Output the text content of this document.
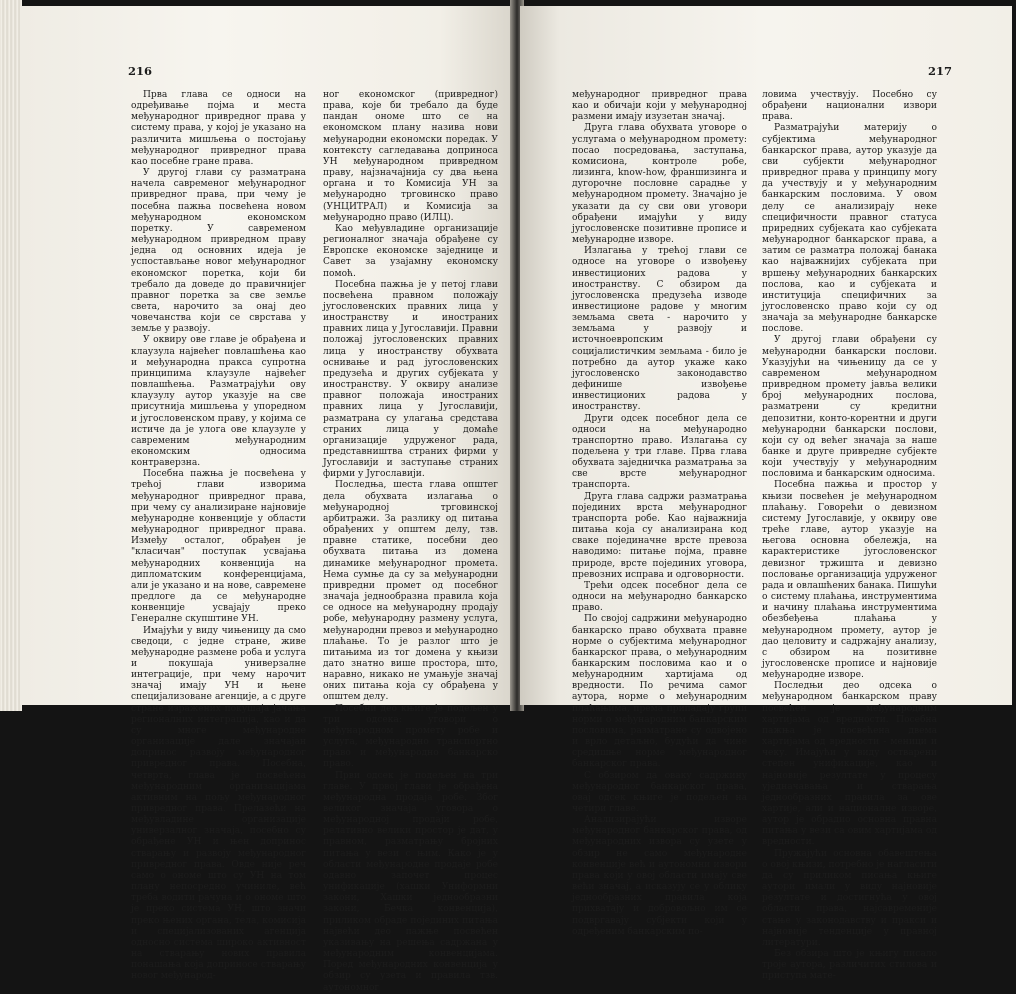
216

Прва глава се односи на одређивање појма и места међународног привредног права у систему права, у којој је указано на различита мишљења о постојању међународног привредног права као посебне гране права.

У другој глави су разматрана начела савременог међународног привредног права, при чему је посебна пажња посвећена новом међународном економском поретку. У савременом међународном привредном праву једна од основних идеја је успостављање новог међународног економског поретка, који би требало да доведе до правичнијег правног поретка за све земље света, нарочито за онај део човечанства који се сврстава у земље у развоју.

У оквиру ове главе је обрађена и клаузула највећег повлашћења као и међународна пракса супротна принципима клаузуле највећег повлашћења. Разматрајући ову клаузулу аутор указује на све присутнија мишљења у упоредном и југословенском праву, у којима се истиче да је улога ове клаузуле у савременим међународним економским односима контраверзна.

Посебна пажња је посвећена у трећој глави изворима међународног привредног права, при чему су анализиране најновије међународне конвенције у области међународног привредног права. Између осталог, обрађен је "класичан" поступак усвајања међународних конвенција на дипломатским конференцијама, али је указано и на нове, савремене предлоге да се међународне конвенције усвајају преко Генералне скупштине УН.

Имајући у виду чињеницу да смо сведоци, с једне стране, живе међународне размене роба и услуга и покушаја универзалне интеграције, при чему нарочит значај имају УН и њене специјализоване агенције, а с друге стране изражених покушаја јачања регионалних интеграција, као и да су многе међународне организације дале значајан допринос развоју међународног привредног права. Посебна, четврта, глава је посвећена међународним организацијама активним на пољу међународног привредног права. Прелазећи на међувладине организације универзалног значаја, посебно су обрађене УН и њен допринос стварању и развоју међународног привредног права. Овде није реч само о ономе што су УН на том плану непосредно учиниле, већ треба водити рачуна и о ономе што је преко система УН, што значи преко њених органа, тела, комисија и специјализованих агенција односно система широко активност на стварању нових правила понашања која доприносе стварању новог међународ-

ног економског (привредног) права, које би требало да буде пандан ономе што се на економском плану назива нови међународни економски поредак. У контексту сагледавања доприноса УН међународном привредном праву, најзначајнија су два њена органа и то Комисија УН за међународно трговинско право (УНЦИТРАЛ) и Комисија за међународно право (ИЛЦ).

Као међувладине организације регионалног значаја обрађене су Европске економске заједнице и Савет за узајамну економску помоћ.

Посебна пажња је у петој глави посвећена правном положају југословенских правних лица у иностранству и иностраних правних лица у Југославији. Правни положај југословенских правних лица у иностранству обухвата оснивање и рад југословенских предузећа и других субјеката у иностранству. У оквиру анализе правног положаја иностраних правних лица у Југославији, разматрана су улагања средстава страних лица у домаће организације удруженог рада, представништва страних фирми у Југославији и заступање страних фирми у Југославији.

Последња, шеста глава општег дела обухвата излагања о међународној трговинској арбитражи. За разлику од питања обрађених у општем делу, тзв. правне статике, посебни део обухвата питања из домена динамике међународног промета. Нема сумње да су за међународни привредни промет од посебног значаја једнообразна правила која се односе на међународну продају робе, међународну размену услуга, међународни превоз и међународно плаћање. То је разлог што је питањима из тог домена у књизи дато знатно више простора, што, наравно, никако не умањује значај оних питања која су обрађена у општем делу.

Посебни део књиге је подељен у три одсека: уговори о међународном промету робе и услуга, међународно транспортно право и међународно банкарско право.

Први одсек је подељен на три главе. У првој глави је обрађена међународна продаја робе. Због великог значаја уговора о међународној продаји робе, релативно велики простор је дат, у правном, разматрању бројних питања у вези с њим. Како је у области међународне продаје робе одавно започет процес унификације (хашки Униформни закони, Хашки једнообразни закони, Бечка конвенција), приликом обраде појединих питања највећи део пажње посвећен указивању на решења садржана у међународним конвенцијама. Поред међународних конвенција у обзир су узета и правила тзв. аутономног

217

међународног привредног права као и обичаји који у међународној размени имају изузетан значај.

Друга глава обухвата уговоре о услугама о међународном промету: посао посредовања, заступања, комисиона, контроле робе, лизинга, know-how, франшизинга и дугорочне пословне сарадње у међународном промету. Значајно је указати да су сви ови уговори обрађени имајући у виду југословенске позитивне прописе и међународне изворе.

Излагања у трећој глави се односе на уговоре о извођењу инвестиционих радова у иностранству. С обзиром да југословенска предузећа изводе инвестиционе радове у многим земљама света - нарочито у земљама у развоју и источноевропским социјалистичким земљама - било је потребно да аутор укаже како југословенско законодавство дефинише извођење инвестиционих радова у иностранству.

Други одсек посебног дела се односи на међународно транспортно право. Излагања су подељена у три главе. Прва глава обухвата заједничка разматрања за све врсте међународног транспорта.

Друга глава садржи разматрања појединих врста међународног транспорта робе. Као најважнија питања која су анализирана код сваке појединачне врсте превоза наводимо: питање појма, правне природе, врсте појединих уговора, превозних исправа и одговорности.

Трећи одсек посебног дела се односи на међународно банкарско право.

По својој садржини међународно банкарско право обухвата правне норме о субјектима међународног банкарског права, о међународним банкарским пословима као и о међународним хартијама од вредности. По речима самог аутора, норме о међународним плаћањима, према припадају групи норми о међународним банкарским пословима, разматране су одвојено и врло детаљно, будући да чине средишње норме међународног банкарског права.

С обзиром да оваку садржину међународног банкарског права, овај одсек књиге је подељен на четири главе.

Анализирајући изворе међународног банкарског права, од међународних извора су узете у обзир не само међународне конвенције већ и аутономни извори права који у овој области имају све већи значај, а исказују се у облику једнообразних правила која прихватају и добровољно им се подвргавају субјекти који у одређеним банкарским по-

ловима учествују. Посебно су обрађени национални извори права.

Разматрајући материју о субјектима међународног банкарског права, аутор указује да сви субјекти међународног привредног права у принципу могу да учествују и у међународним банкарским пословима. У овом делу се анализирају неке специфичности правног статуса приредних субјеката као субјеката међународног банкарског права, а затим се разматра положај банака као најважнијих субјеката при вршењу међународних банкарских послова, као и субјеката и институција специфичних за југословенско право који су од значаја за међународне банкарске послове.

У другој глави обрађени су међународни банкарски послови. Указујући на чињеницу да се у савременом међународном привредном промету јавља велики број међународних послова, разматрени су кредитни депозитни, конто-корентни и други међународни банкарски послови, који су од већег значаја за наше банке и друге привредне субјекте који учествују у међународним пословима и банкарским односима.

Посебна пажња и простор у књизи посвећен је међународном плаћању. Говорећи о девизном систему Југославије, у оквиру ове треће главе, аутор указује на његова основна обележја, на карактеристике југословенског девизног тржишта и девизно пословање организација удруженог рада и овлашћених банака. Пишући о систему плаћања, инструментима и начину плаћања инструментима обезбеђења плаћања у међународном промету, аутор је дао целовиту и садржајну анализу, с обзиром на позитивне југословенске прописе и најновије међународне изворе.

Последњи део одсека о међународном банкарском праву посвећен је међународним хартијама од вредности. Посебна пажња је посвећена двема хартијама од вредности - меници и чеку. Имајући у виду остварени степен унификације, као и најновије резултате у процесу уједначавања и стварања једнообразних правила за ове хартије, али и националне изворе, аутор је обрадио основна правна питања у вези са овим хартијама од вредности.

Пружајући основна обавештења о овој књизи, потребно је нагласити да су приликом писања књиге аутори имали у виду најновије резултате и достигнућа у овој области права, најсавременије стање у законодавству и пракси и најновије тенденције у правној литератури.

Без обзира што је књигу писало троје аутора, различитих стилова и приступа мате-
